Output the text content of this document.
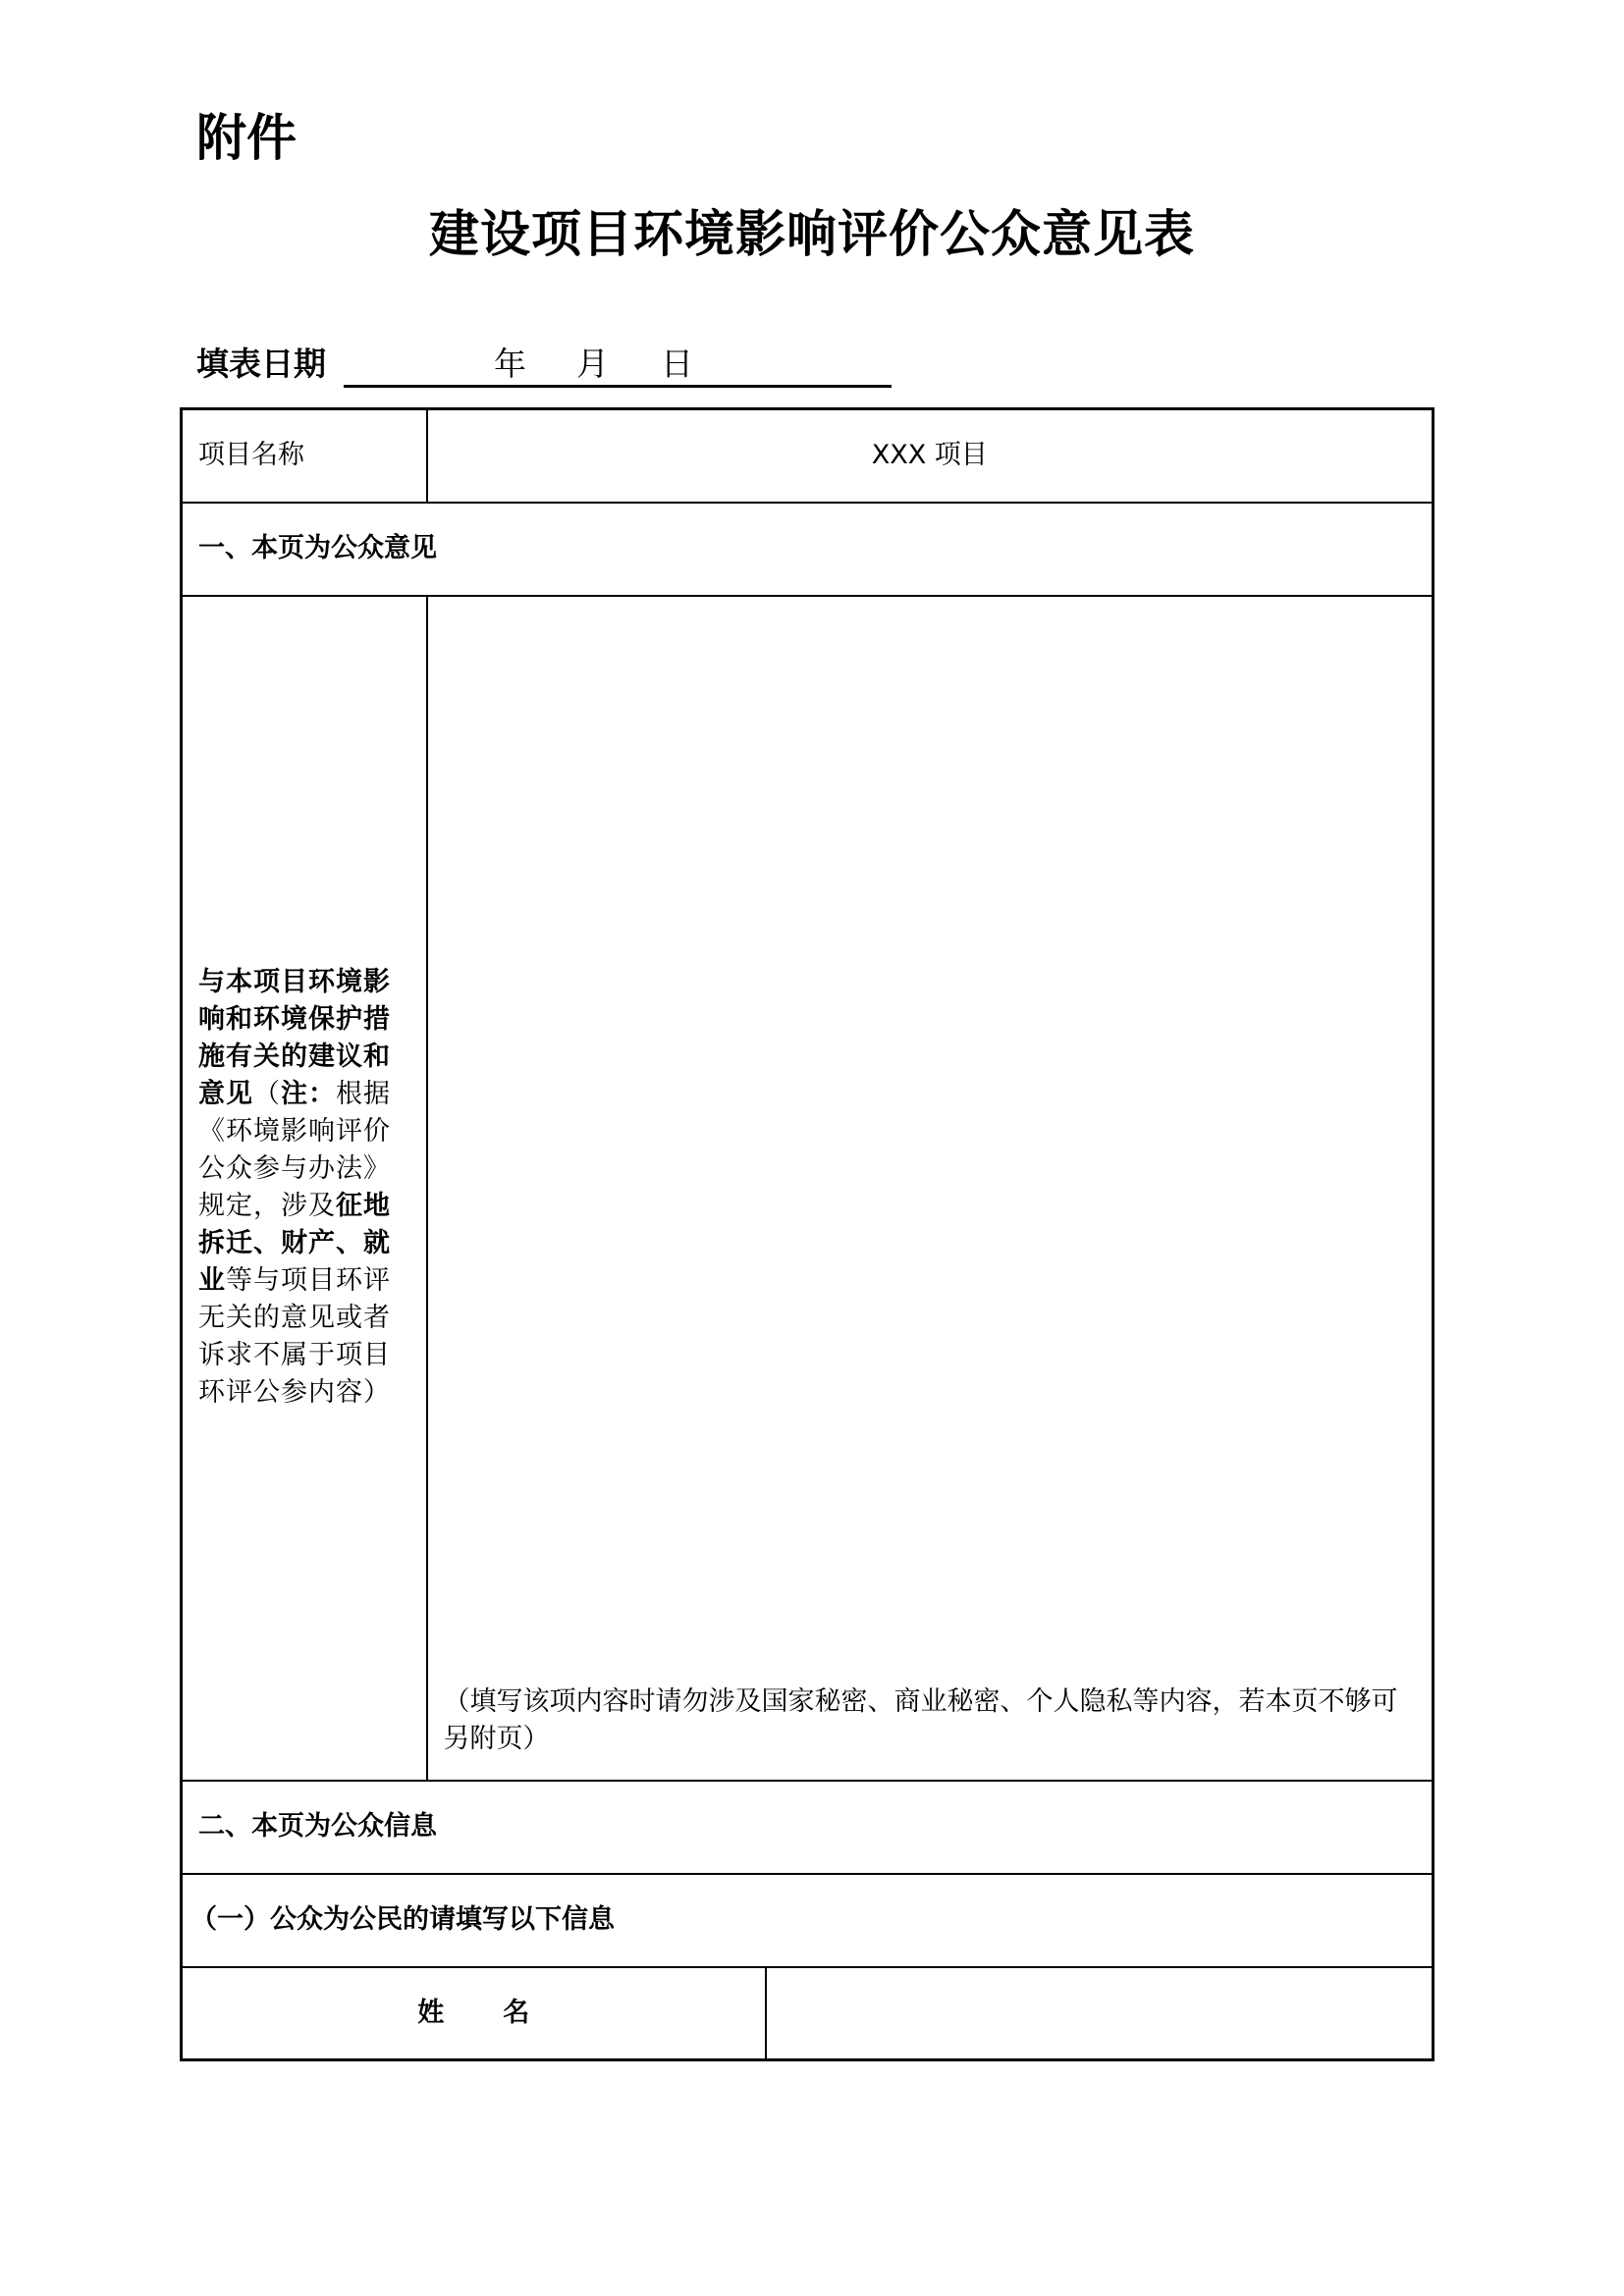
附件
建设项目环境影响评价公众意见表
填表日期	年 月 日
项目名称	XXX 项目	
一、本页为公众意见		

与本项目环境影响和环境保护措施有关的建议和意见（注：根据《环境影响评价公众参与办法》规定，涉及征地拆迁、财产、就业等与项目环评无关的意见或者诉求不属于项目环评公参内容）	（填写该项内容时请勿涉及国家秘密、商业秘密、个人隐私等内容，若本页不够可另附页）	

二、本页为公众信息		
（一）公众为公民的请填写以下信息		
姓名		
